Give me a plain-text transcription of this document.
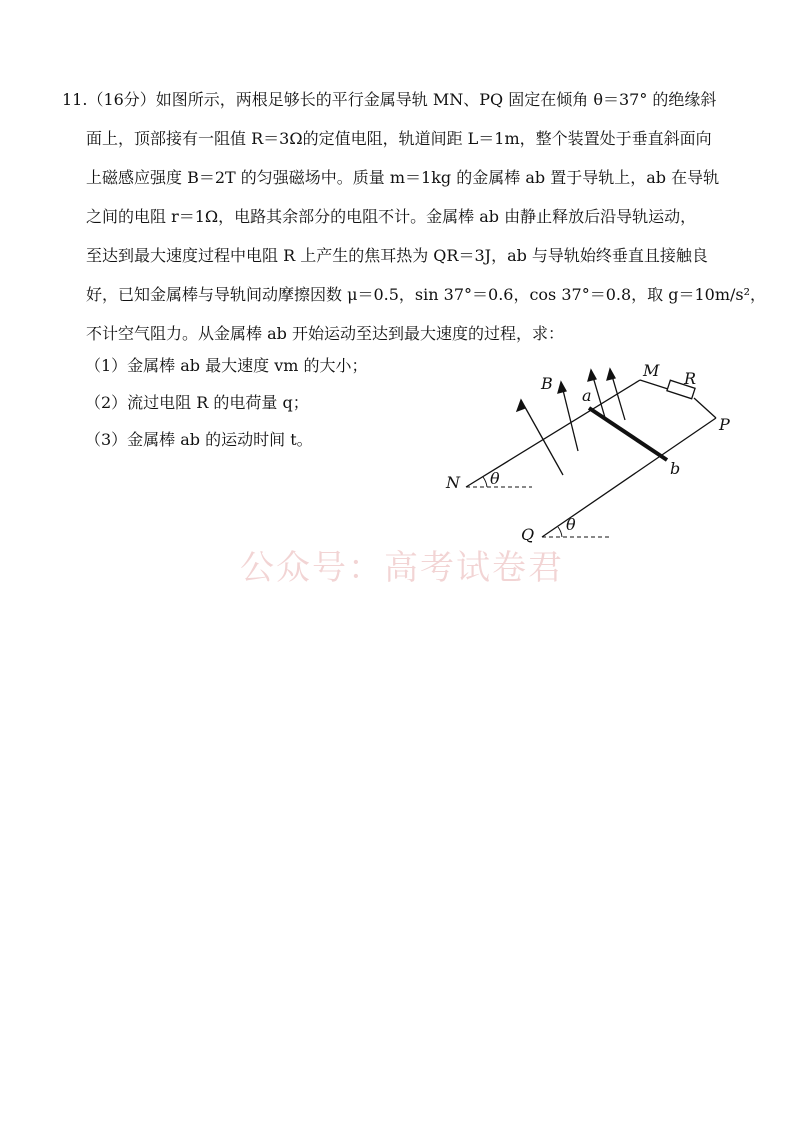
11.（16分）如图所示，两根足够长的平行金属导轨 MN、PQ 固定在倾角 θ＝37° 的绝缘斜
面上，顶部接有一阻值 R＝3Ω的定值电阻，轨道间距 L＝1m，整个装置处于垂直斜面向
上磁感应强度 B＝2T 的匀强磁场中。质量 m＝1kg 的金属棒 ab 置于导轨上，ab 在导轨
之间的电阻 r＝1Ω，电路其余部分的电阻不计。金属棒 ab 由静止释放后沿导轨运动，
至达到最大速度过程中电阻 R 上产生的焦耳热为 QR＝3J，ab 与导轨始终垂直且接触良
好，已知金属棒与导轨间动摩擦因数 μ＝0.5，sin 37°＝0.6，cos 37°＝0.8，取 g＝10m/s²，
不计空气阻力。从金属棒 ab 开始运动至达到最大速度的过程，求：
（1）金属棒 ab 最大速度 vm 的大小；
（2）流过电阻 R 的电荷量 q；
（3）金属棒 ab 的运动时间 t。
M R
P
B
a
b
N
Q
θ
θ
公众号：高考试卷君
